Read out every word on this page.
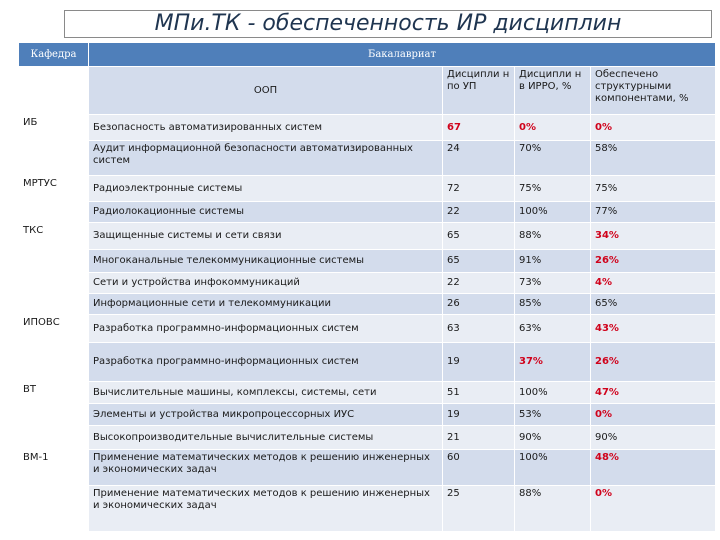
МПи.ТК - обеспеченность ИР дисциплин
Кафедра	Бакалавриат			
	ООП	Дисципли н по УП	Дисципли н в ИРРО, %	Обеспечено структурными компонентами, %
ИБ	Безопасность автоматизированных систем	67	0%	0%
	Аудит информационной безопасности автоматизированных систем	24	70%	58%
МРТУС	Радиоэлектронные системы	72	75%	75%
	Радиолокационные системы	22	100%	77%
ТКС	Защищенные системы и сети связи	65	88%	34%
	Многоканальные телекоммуникационные системы	65	91%	26%
	Сети и устройства инфокоммуникаций	22	73%	4%
	Информационные сети и телекоммуникации	26	85%	65%
ИПОВС	Разработка программно-информационных систем	63	63%	43%
	Разработка программно-информационных систем	19	37%	26%
ВТ	Вычислительные машины, комплексы, системы, сети	51	100%	47%
	Элементы и устройства микропроцессорных ИУС	19	53%	0%
	Высокопроизводительные вычислительные системы	21	90%	90%
ВМ-1	Применение математических методов к решению инженерных и экономических задач	60	100%	48%
	Применение математических методов к решению инженерных и экономических задач	25	88%	0%
